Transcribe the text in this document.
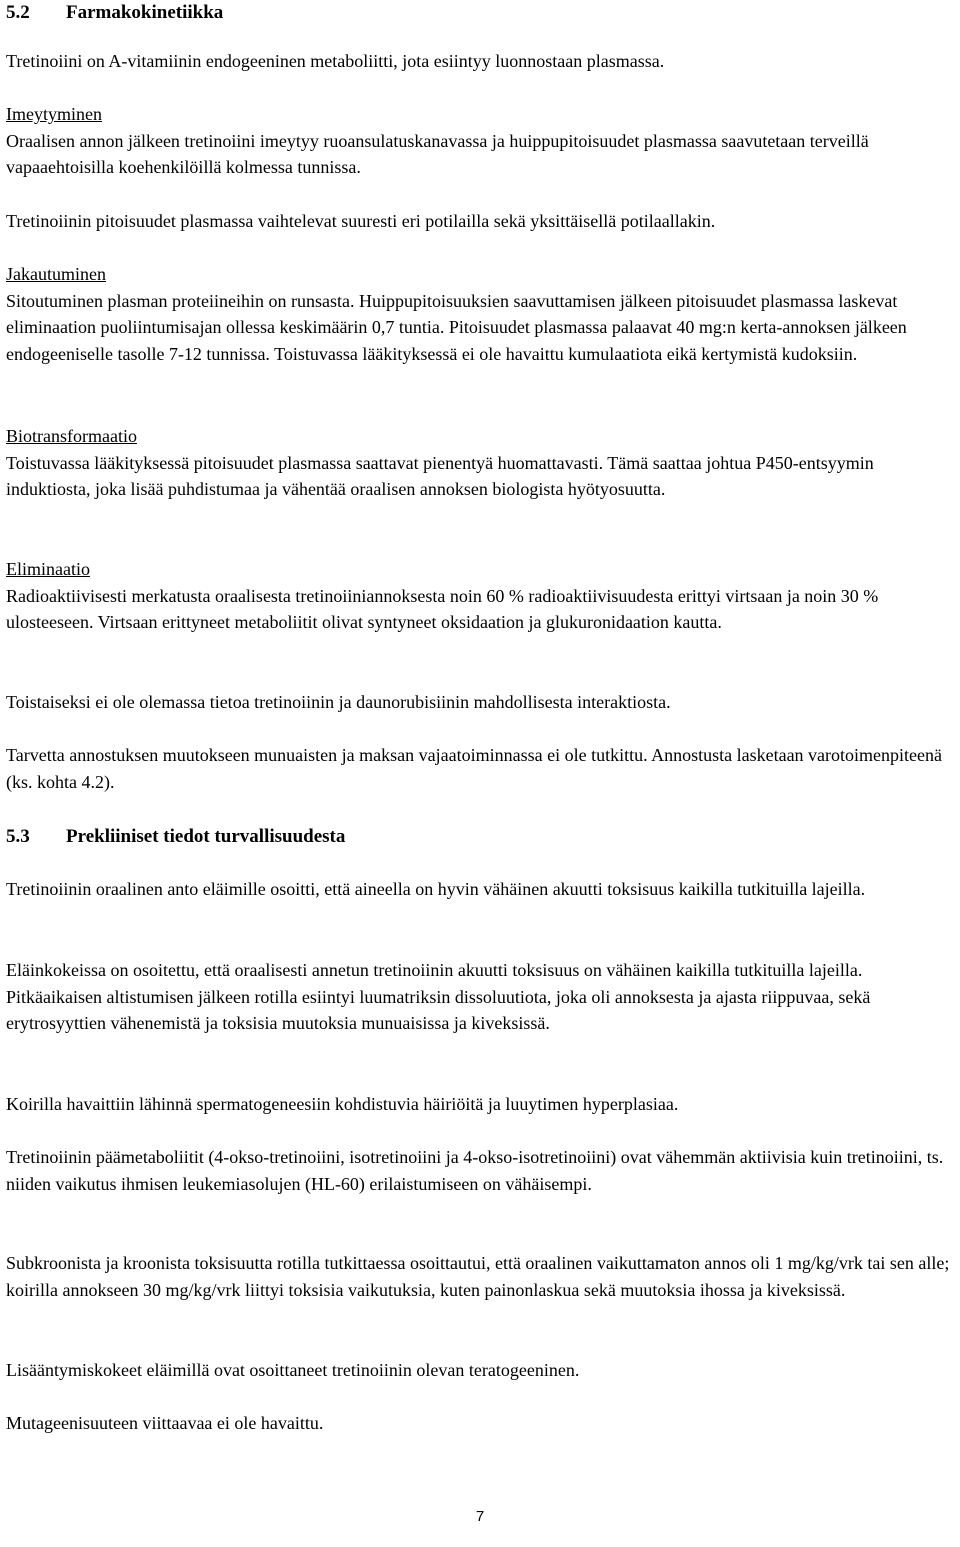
5.2 Farmakokinetiikka

Tretinoiini on A-vitamiinin endogeeninen metaboliitti, jota esiintyy luonnostaan plasmassa.

Imeytyminen

Oraalisen annon jälkeen tretinoiini imeytyy ruoansulatuskanavassa ja huippupitoisuudet plasmassa saavutetaan terveillä vapaaehtoisilla koehenkilöillä kolmessa tunnissa.

Tretinoiinin pitoisuudet plasmassa vaihtelevat suuresti eri potilailla sekä yksittäisellä potilaallakin.

Jakautuminen

Sitoutuminen plasman proteiineihin on runsasta. Huippupitoisuuksien saavuttamisen jälkeen pitoisuudet plasmassa laskevat eliminaation puoliintumisajan ollessa keskimäärin 0,7 tuntia. Pitoisuudet plasmassa palaavat 40 mg:n kerta-annoksen jälkeen endogeeniselle tasolle 7-12 tunnissa. Toistuvassa lääkityksessä ei ole havaittu kumulaatiota eikä kertymistä kudoksiin.

Biotransformaatio

Toistuvassa lääkityksessä pitoisuudet plasmassa saattavat pienentyä huomattavasti. Tämä saattaa johtua P450-entsyymin induktiosta, joka lisää puhdistumaa ja vähentää oraalisen annoksen biologista hyötyosuutta.

Eliminaatio

Radioaktiivisesti merkatusta oraalisesta tretinoiiniannoksesta noin 60 % radioaktiivisuudesta erittyi virtsaan ja noin 30 % ulosteeseen. Virtsaan erittyneet metaboliitit olivat syntyneet oksidaation ja glukuronidaation kautta.

Toistaiseksi ei ole olemassa tietoa tretinoiinin ja daunorubisiinin mahdollisesta interaktiosta.

Tarvetta annostuksen muutokseen munuaisten ja maksan vajaatoiminnassa ei ole tutkittu. Annostusta lasketaan varotoimenpiteenä (ks. kohta 4.2).

5.3 Prekliiniset tiedot turvallisuudesta

Tretinoiinin oraalinen anto eläimille osoitti, että aineella on hyvin vähäinen akuutti toksisuus kaikilla tutkituilla lajeilla.

Eläinkokeissa on osoitettu, että oraalisesti annetun tretinoiinin akuutti toksisuus on vähäinen kaikilla tutkituilla lajeilla. Pitkäaikaisen altistumisen jälkeen rotilla esiintyi luumatriksin dissoluutiota, joka oli annoksesta ja ajasta riippuvaa, sekä erytrosyyttien vähenemistä ja toksisia muutoksia munuaisissa ja kiveksissä.

Koirilla havaittiin lähinnä spermatogeneesiin kohdistuvia häiriöitä ja luuytimen hyperplasiaa.

Tretinoiinin päämetaboliitit (4-okso-tretinoiini, isotretinoiini ja 4-okso-isotretinoiini) ovat vähemmän aktiivisia kuin tretinoiini, ts. niiden vaikutus ihmisen leukemiasolujen (HL-60) erilaistumiseen on vähäisempi.

Subkroonista ja kroonista toksisuutta rotilla tutkittaessa osoittautui, että oraalinen vaikuttamaton annos oli 1 mg/kg/vrk tai sen alle; koirilla annokseen 30 mg/kg/vrk liittyi toksisia vaikutuksia, kuten painonlaskua sekä muutoksia ihossa ja kiveksissä.

Lisääntymiskokeet eläimillä ovat osoittaneet tretinoiinin olevan teratogeeninen.

Mutageenisuuteen viittaavaa ei ole havaittu.

7
